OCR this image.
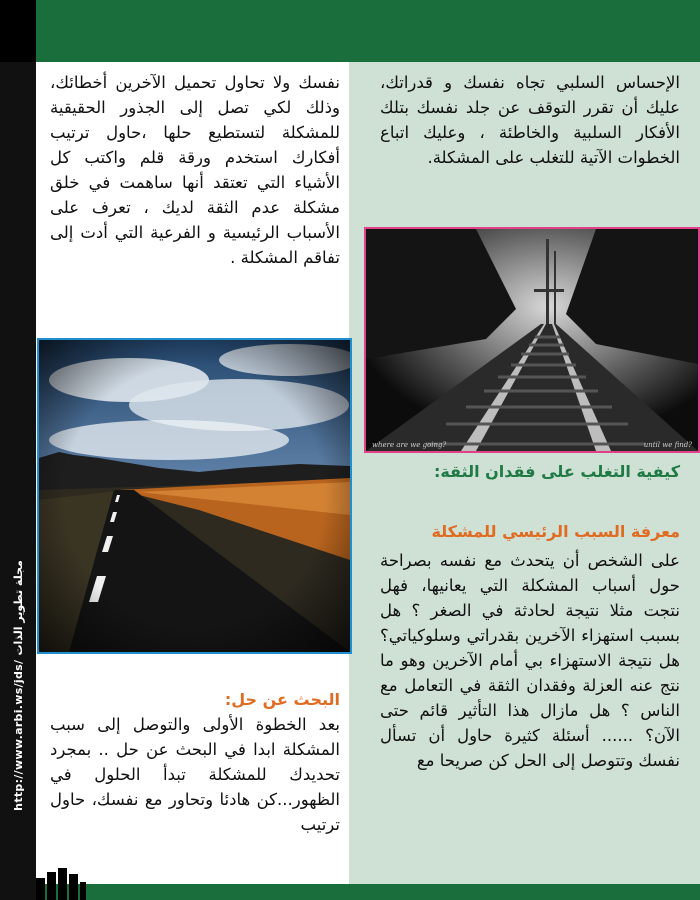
http://www.arbi.ws/jds/ مجلة تطوير الذات

الإحساس السلبي تجاه نفسك و قدراتك، عليك أن تقرر التوقف عن جلد نفسك بتلك الأفكار السلبية والخاطئة ، وعليك اتباع الخطوات الآتية للتغلب على المشكلة.

where are we going?	until we find?
كيفية التغلب على فقدان الثقة:
معرفة السبب الرئيسي للمشكلة

على الشخص أن يتحدث مع نفسه بصراحة حول أسباب المشكلة التي يعانيها، فهل نتجت مثلا نتيجة لحادثة في الصغر ؟ هل بسبب استهزاء الآخرين بقدراتي وسلوكياتي؟ هل نتيجة الاستهزاء بي أمام الآخرين وهو ما نتج عنه العزلة وفقدان الثقة في التعامل مع الناس ؟ هل مازال هذا التأثير قائم حتى الآن؟ ...... أسئلة كثيرة حاول أن تسأل نفسك وتتوصل إلى الحل كن صريحا مع

نفسك ولا تحاول تحميل الآخرين أخطائك، وذلك لكي تصل إلى الجذور الحقيقية للمشكلة لتستطيع حلها ،حاول ترتيب أفكارك استخدم ورقة قلم واكتب كل الأشياء التي تعتقد أنها ساهمت في خلق مشكلة عدم الثقة لديك ، تعرف على الأسباب الرئيسية و الفرعية التي أدت إلى تفاقم المشكلة .

البحث عن حل:

بعد الخطوة الأولى والتوصل إلى سبب المشكلة ابدا في البحث عن حل .. بمجرد تحديدك للمشكلة تبدأ الحلول في الظهور...كن هادئا وتحاور مع نفسك، حاول ترتيب
